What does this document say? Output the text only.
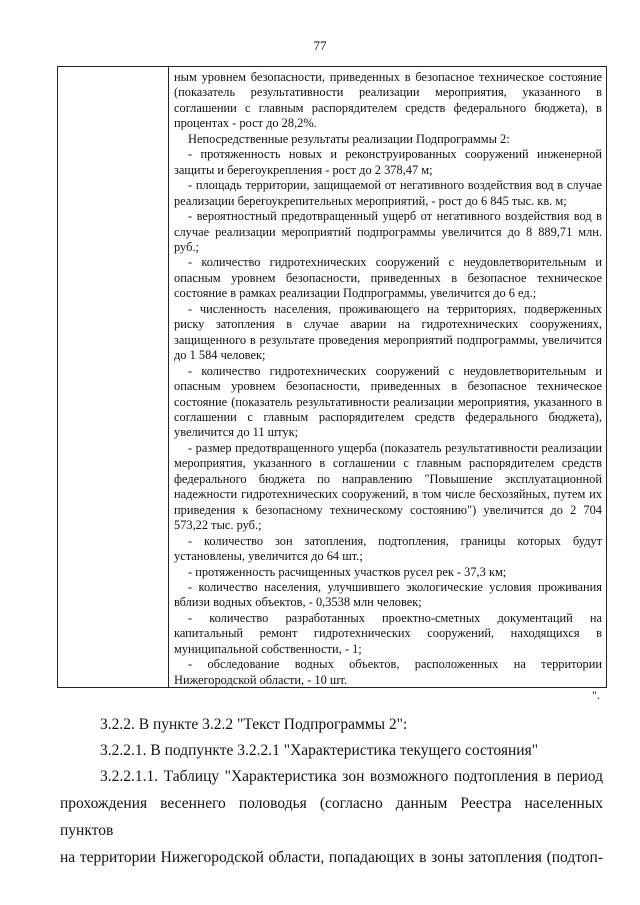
77

ным уровнем безопасности, приведенных в безопасное техническое состояние (показатель результативности реализации мероприятия, указанного в соглашении с главным распорядителем средств федерального бюджета), в процентах - рост до 28,2%.

Непосредственные результаты реализации Подпрограммы 2:

- протяженность новых и реконструированных сооружений инженерной защиты и берегоукрепления - рост до 2 378,47 м;

- площадь территории, защищаемой от негативного воздействия вод в случае реализации берегоукрепительных мероприятий, - рост до 6 845 тыс. кв. м;

- вероятностный предотвращенный ущерб от негативного воздействия вод в случае реализации мероприятий подпрограммы увеличится до 8 889,71 млн. руб.;

- количество гидротехнических сооружений с неудовлетворительным и опасным уровнем безопасности, приведенных в безопасное техническое состояние в рамках реализации Подпрограммы, увеличится до 6 ед.;

- численность населения, проживающего на территориях, подверженных риску затопления в случае аварии на гидротехнических сооружениях, защищенного в результате проведения мероприятий подпрограммы, увеличится до 1 584 человек;

- количество гидротехнических сооружений с неудовлетворительным и опасным уровнем безопасности, приведенных в безопасное техническое состояние (показатель результативности реализации мероприятия, указанного в соглашении с главным распорядителем средств федерального бюджета), увеличится до 11 штук;

- размер предотвращенного ущерба (показатель результативности реализации мероприятия, указанного в соглашении с главным распорядителем средств федерального бюджета по направлению "Повышение эксплуатационной надежности гидротехнических сооружений, в том числе бесхозяйных, путем их приведения к безопасному техническому состоянию") увеличится до 2 704 573,22 тыс. руб.;

- количество зон затопления, подтопления, границы которых будут установлены, увеличится до 64 шт.;

- протяженность расчищенных участков русел рек - 37,3 км;

- количество населения, улучшившего экологические условия проживания вблизи водных объектов, - 0,3538 млн человек;

- количество разработанных проектно-сметных документаций на капитальный ремонт гидротехнических сооружений, находящихся в муниципальной собственности, - 1;

- обследование водных объектов, расположенных на территории Нижегородской области, - 10 шт.

".
3.2.2. В пункте 3.2.2 "Текст Подпрограммы 2":
3.2.2.1. В подпункте 3.2.2.1 "Характеристика текущего состояния"
3.2.2.1.1. Таблицу "Характеристика зон возможного подтопления в период
прохождения весеннего половодья (согласно данным Реестра населенных пунктов
на территории Нижегородской области, попадающих в зоны затопления (подтоп-
